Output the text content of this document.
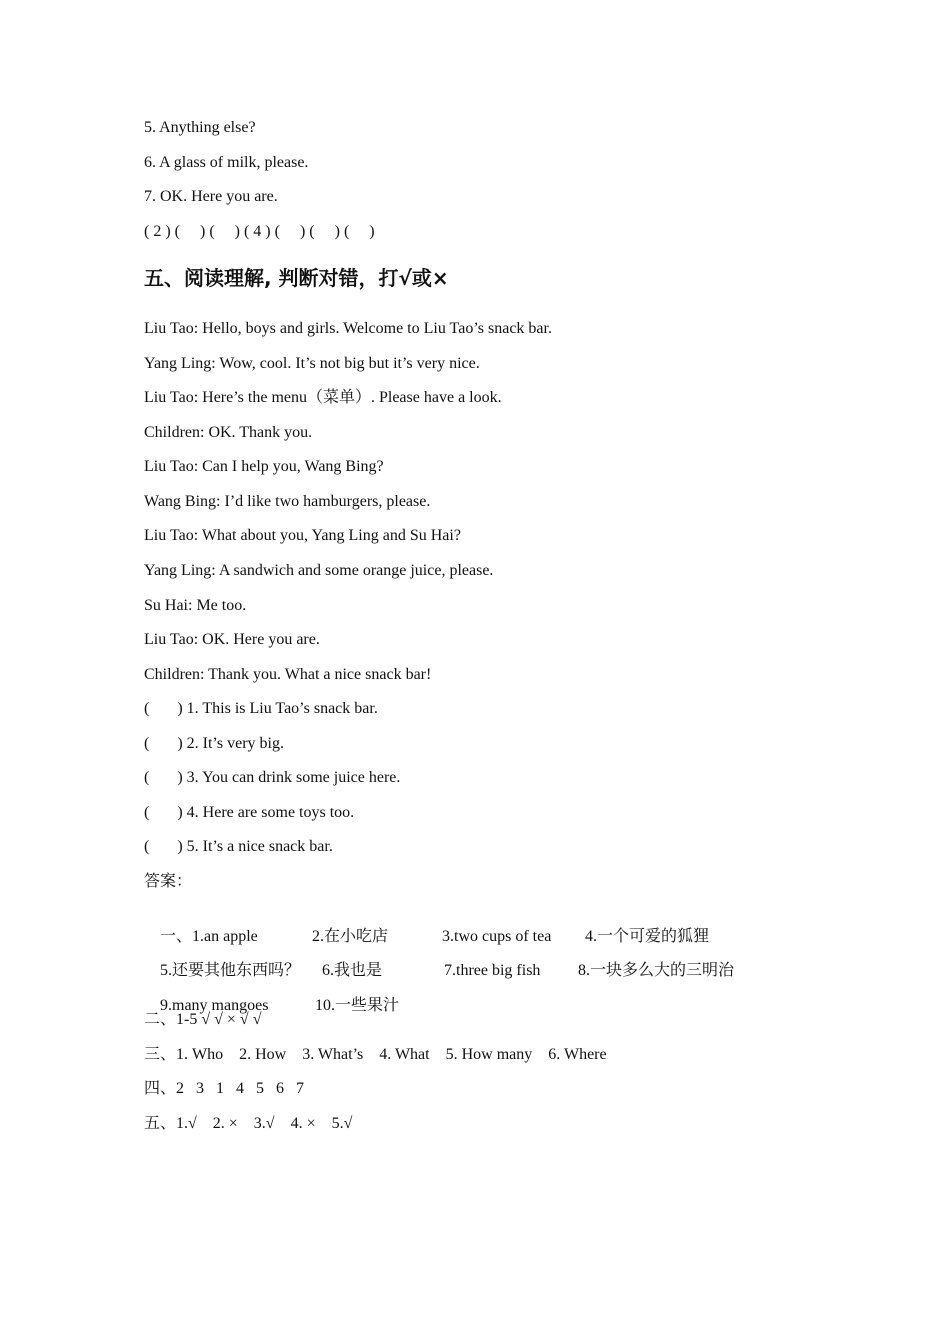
5. Anything else?
6. A glass of milk, please.
7. OK. Here you are.
( 2 ) (     ) (     ) ( 4 ) (     ) (     ) (     )
五、阅读理解, 判断对错，打√或×
Liu Tao: Hello, boys and girls. Welcome to Liu Tao’s snack bar.
Yang Ling: Wow, cool. It’s not big but it’s very nice.
Liu Tao: Here’s the menu（菜单）. Please have a look.
Children: OK. Thank you.
Liu Tao: Can I help you, Wang Bing?
Wang Bing: I’d like two hamburgers, please.
Liu Tao: What about you, Yang Ling and Su Hai?
Yang Ling: A sandwich and some orange juice, please.
Su Hai: Me too.
Liu Tao: OK. Here you are.
Children: Thank you. What a nice snack bar!
(       ) 1. This is Liu Tao’s snack bar.
(       ) 2. It’s very big.
(       ) 3. You can drink some juice here.
(       ) 4. Here are some toys too.
(       ) 5. It’s a nice snack bar.
答案：

一、1.an apple	2.在小吃店	3.two cups of tea 4.一个可爱的狐狸

5.还要其他东西吗？ 6.我也是	7.three big fish 8.一块多么大的三明治

9.many mangoes	10.一些果汁

二、1-5 √ √ × √ √
三、1. Who    2. How    3. What’s    4. What    5. How many    6. Where
四、2   3   1   4   5   6   7
五、1.√    2. ×    3.√    4. ×    5.√
